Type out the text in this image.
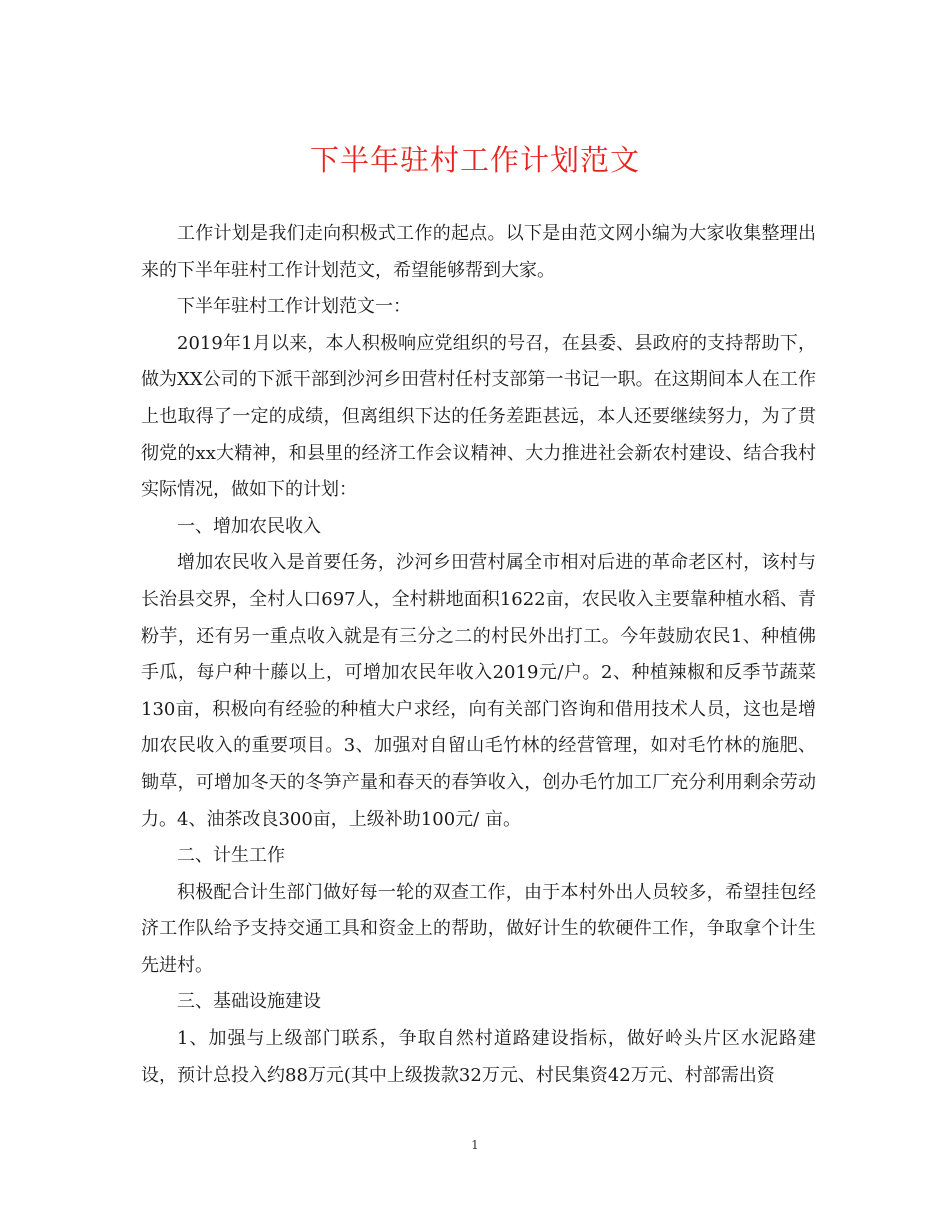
下半年驻村工作计划范文

工作计划是我们走向积极式工作的起点。以下是由范文网小编为大家收集整理出来的下半年驻村工作计划范文，希望能够帮到大家。

下半年驻村工作计划范文一：

2019年1月以来，本人积极响应党组织的号召，在县委、县政府的支持帮助下，做为XX公司的下派干部到沙河乡田营村任村支部第一书记一职。在这期间本人在工作上也取得了一定的成绩，但离组织下达的任务差距甚远，本人还要继续努力，为了贯彻党的xx大精神，和县里的经济工作会议精神、大力推进社会新农村建设、结合我村实际情况，做如下的计划：

一、增加农民收入

增加农民收入是首要任务，沙河乡田营村属全市相对后进的革命老区村，该村与长治县交界，全村人口697人，全村耕地面积1622亩，农民收入主要靠种植水稻、青粉芋，还有另一重点收入就是有三分之二的村民外出打工。今年鼓励农民1、种植佛手瓜，每户种十藤以上，可增加农民年收入2019元/户。2、种植辣椒和反季节蔬菜130亩，积极向有经验的种植大户求经，向有关部门咨询和借用技术人员，这也是增加农民收入的重要项目。3、加强对自留山毛竹林的经营管理，如对毛竹林的施肥、锄草，可增加冬天的冬笋产量和春天的春笋收入，创办毛竹加工厂充分利用剩余劳动力。4、油茶改良300亩，上级补助100元/ 亩。

二、计生工作

积极配合计生部门做好每一轮的双查工作，由于本村外出人员较多，希望挂包经济工作队给予支持交通工具和资金上的帮助，做好计生的软硬件工作，争取拿个计生先进村。

三、基础设施建设

1、加强与上级部门联系，争取自然村道路建设指标，做好岭头片区水泥路建设，预计总投入约88万元(其中上级拨款32万元、村民集资42万元、村部需出资

1
